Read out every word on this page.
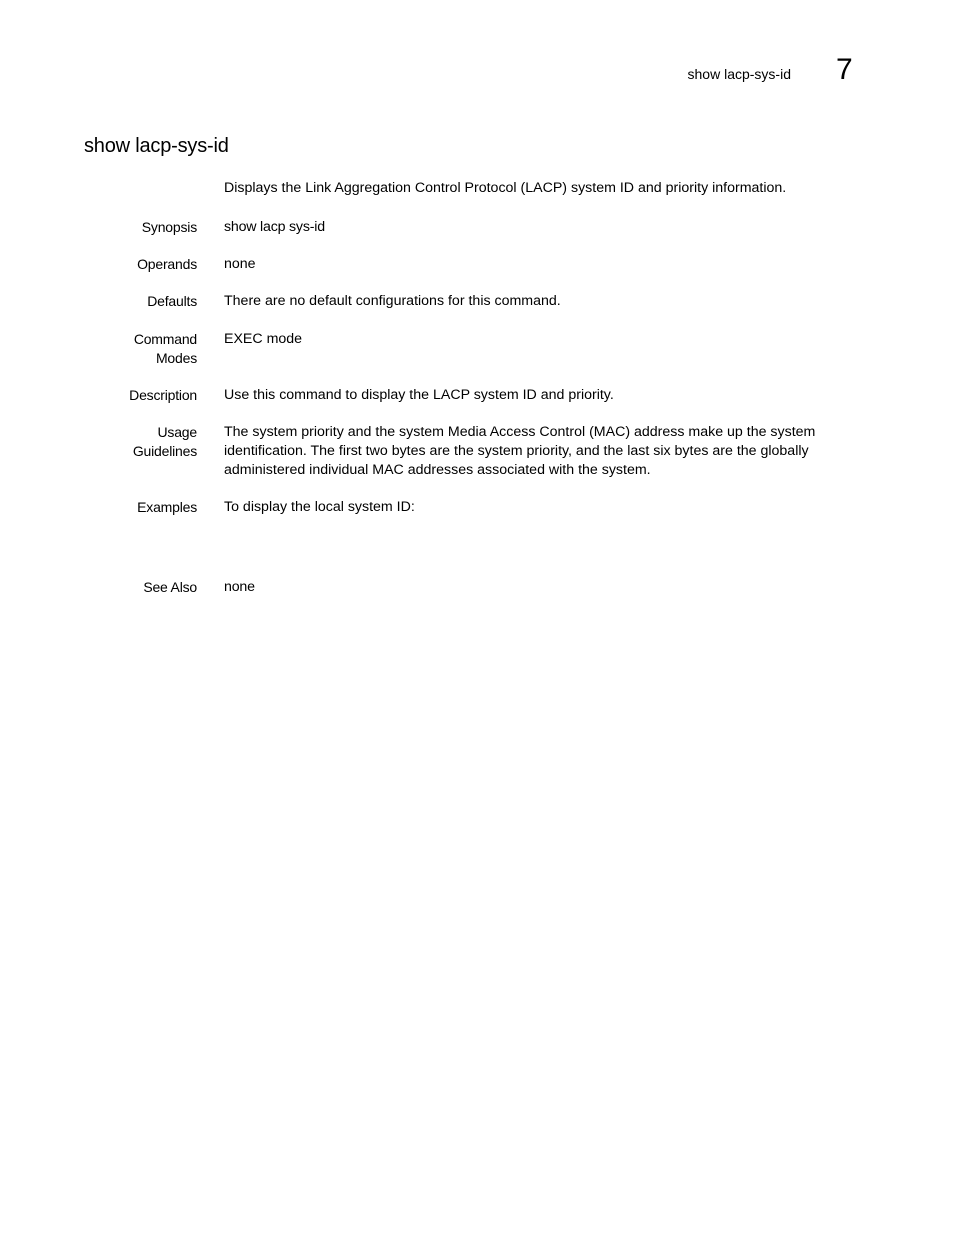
show lacp-sys-id 7
show lacp-sys-id
Displays the Link Aggregation Control Protocol (LACP) system ID and priority information.
Synopsis show lacp sys-id
Operands none
Defaults There are no default configurations for this command.
Command
Modes
EXEC mode
Description Use this command to display the LACP system ID and priority.
Usage
Guidelines
The system priority and the system Media Access Control (MAC) address make up the system
identification. The first two bytes are the system priority, and the last six bytes are the globally
administered individual MAC addresses associated with the system.
Examples To display the local system ID:
See Also none
